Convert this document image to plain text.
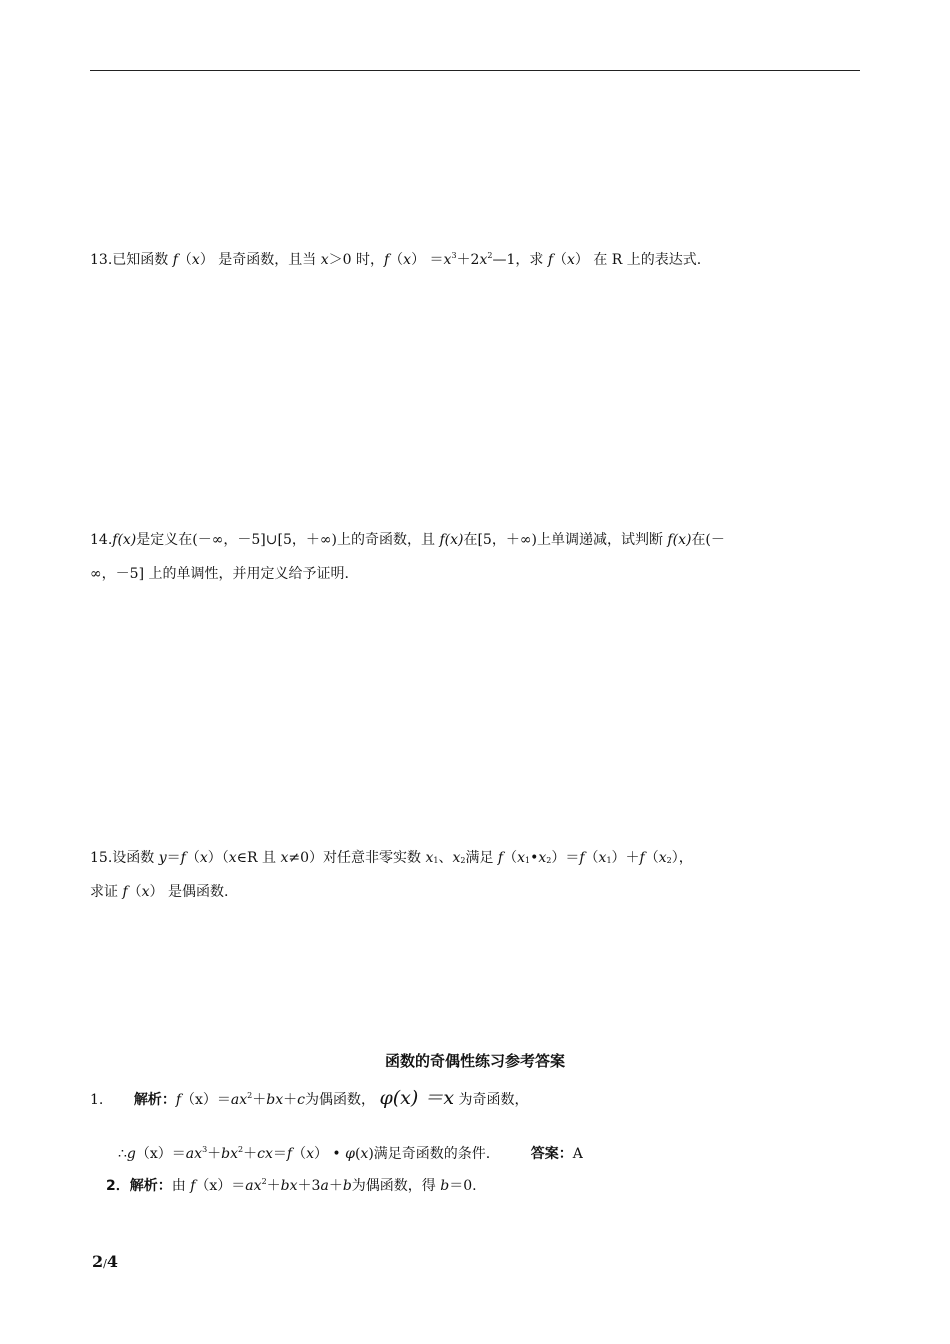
13.已知函数 f（x） 是奇函数，且当 x＞0 时，$f(x) =x^3+2x^2—1$，求 f（x） 在 R 上的表达式.
14.f(x)是定义在(－∞，－5]∪[5，＋∞)上的奇函数，且 f(x)在[5，＋∞)上单调递减，试判断 f(x)在(－
∞，－5] 上的单调性，并用定义给予证明.
15.设函数 y＝f（x）（x∈R 且 x≠0）对任意非零实数 $x_1$、$x_2$满足 $f(x_1•x_2)=f(x_1)+f(x_2)$，
求证 f（x） 是偶函数.
函数的奇偶性练习参考答案
1. 解析：$f(x)=ax^2+bx+c$为偶函数， φ(x) ＝x 为奇函数，
$\therefore g(x)=ax^3+bx^2+cx=f(x)$ • φ(x)满足奇函数的条件.	答案：A
2．解析：由 $f(x)=ax^2+bx+3a+b$为偶函数，得 b＝0.
2/4
